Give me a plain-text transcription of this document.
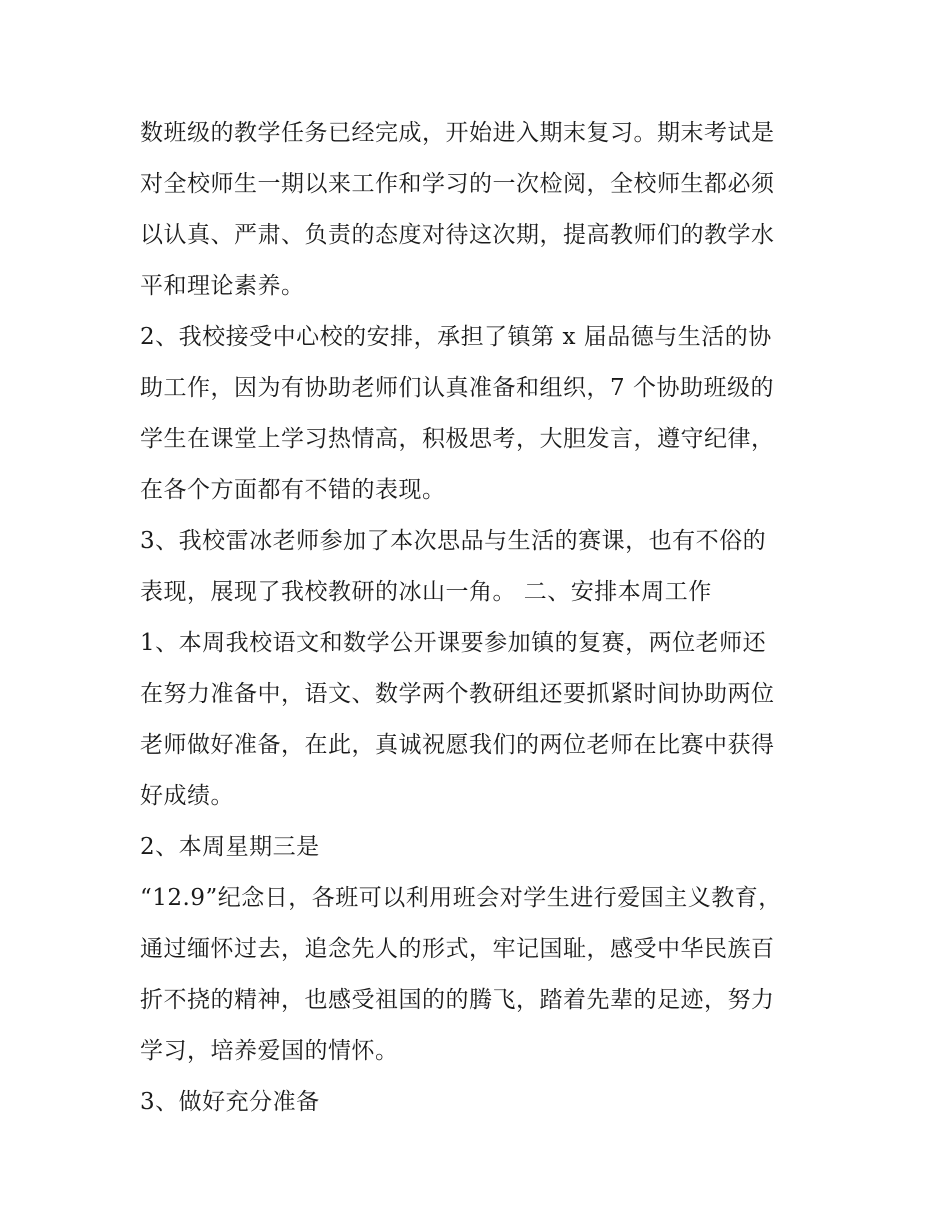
数班级的教学任务已经完成，开始进入期末复习。期末考试是
对全校师生一期以来工作和学习的一次检阅，全校师生都必须
以认真、严肃、负责的态度对待这次期，提高教师们的教学水
平和理论素养。
2、我校接受中心校的安排，承担了镇第 x 届品德与生活的协
助工作，因为有协助老师们认真准备和组织，7 个协助班级的
学生在课堂上学习热情高，积极思考，大胆发言，遵守纪律，
在各个方面都有不错的表现。
3、我校雷冰老师参加了本次思品与生活的赛课，也有不俗的
表现，展现了我校教研的冰山一角。 二、安排本周工作
1、本周我校语文和数学公开课要参加镇的复赛，两位老师还
在努力准备中，语文、数学两个教研组还要抓紧时间协助两位
老师做好准备，在此，真诚祝愿我们的两位老师在比赛中获得
好成绩。
2、本周星期三是
“12.9”纪念日，各班可以利用班会对学生进行爱国主义教育，
通过缅怀过去，追念先人的形式，牢记国耻，感受中华民族百
折不挠的精神，也感受祖国的的腾飞，踏着先辈的足迹，努力
学习，培养爱国的情怀。
3、做好充分准备
